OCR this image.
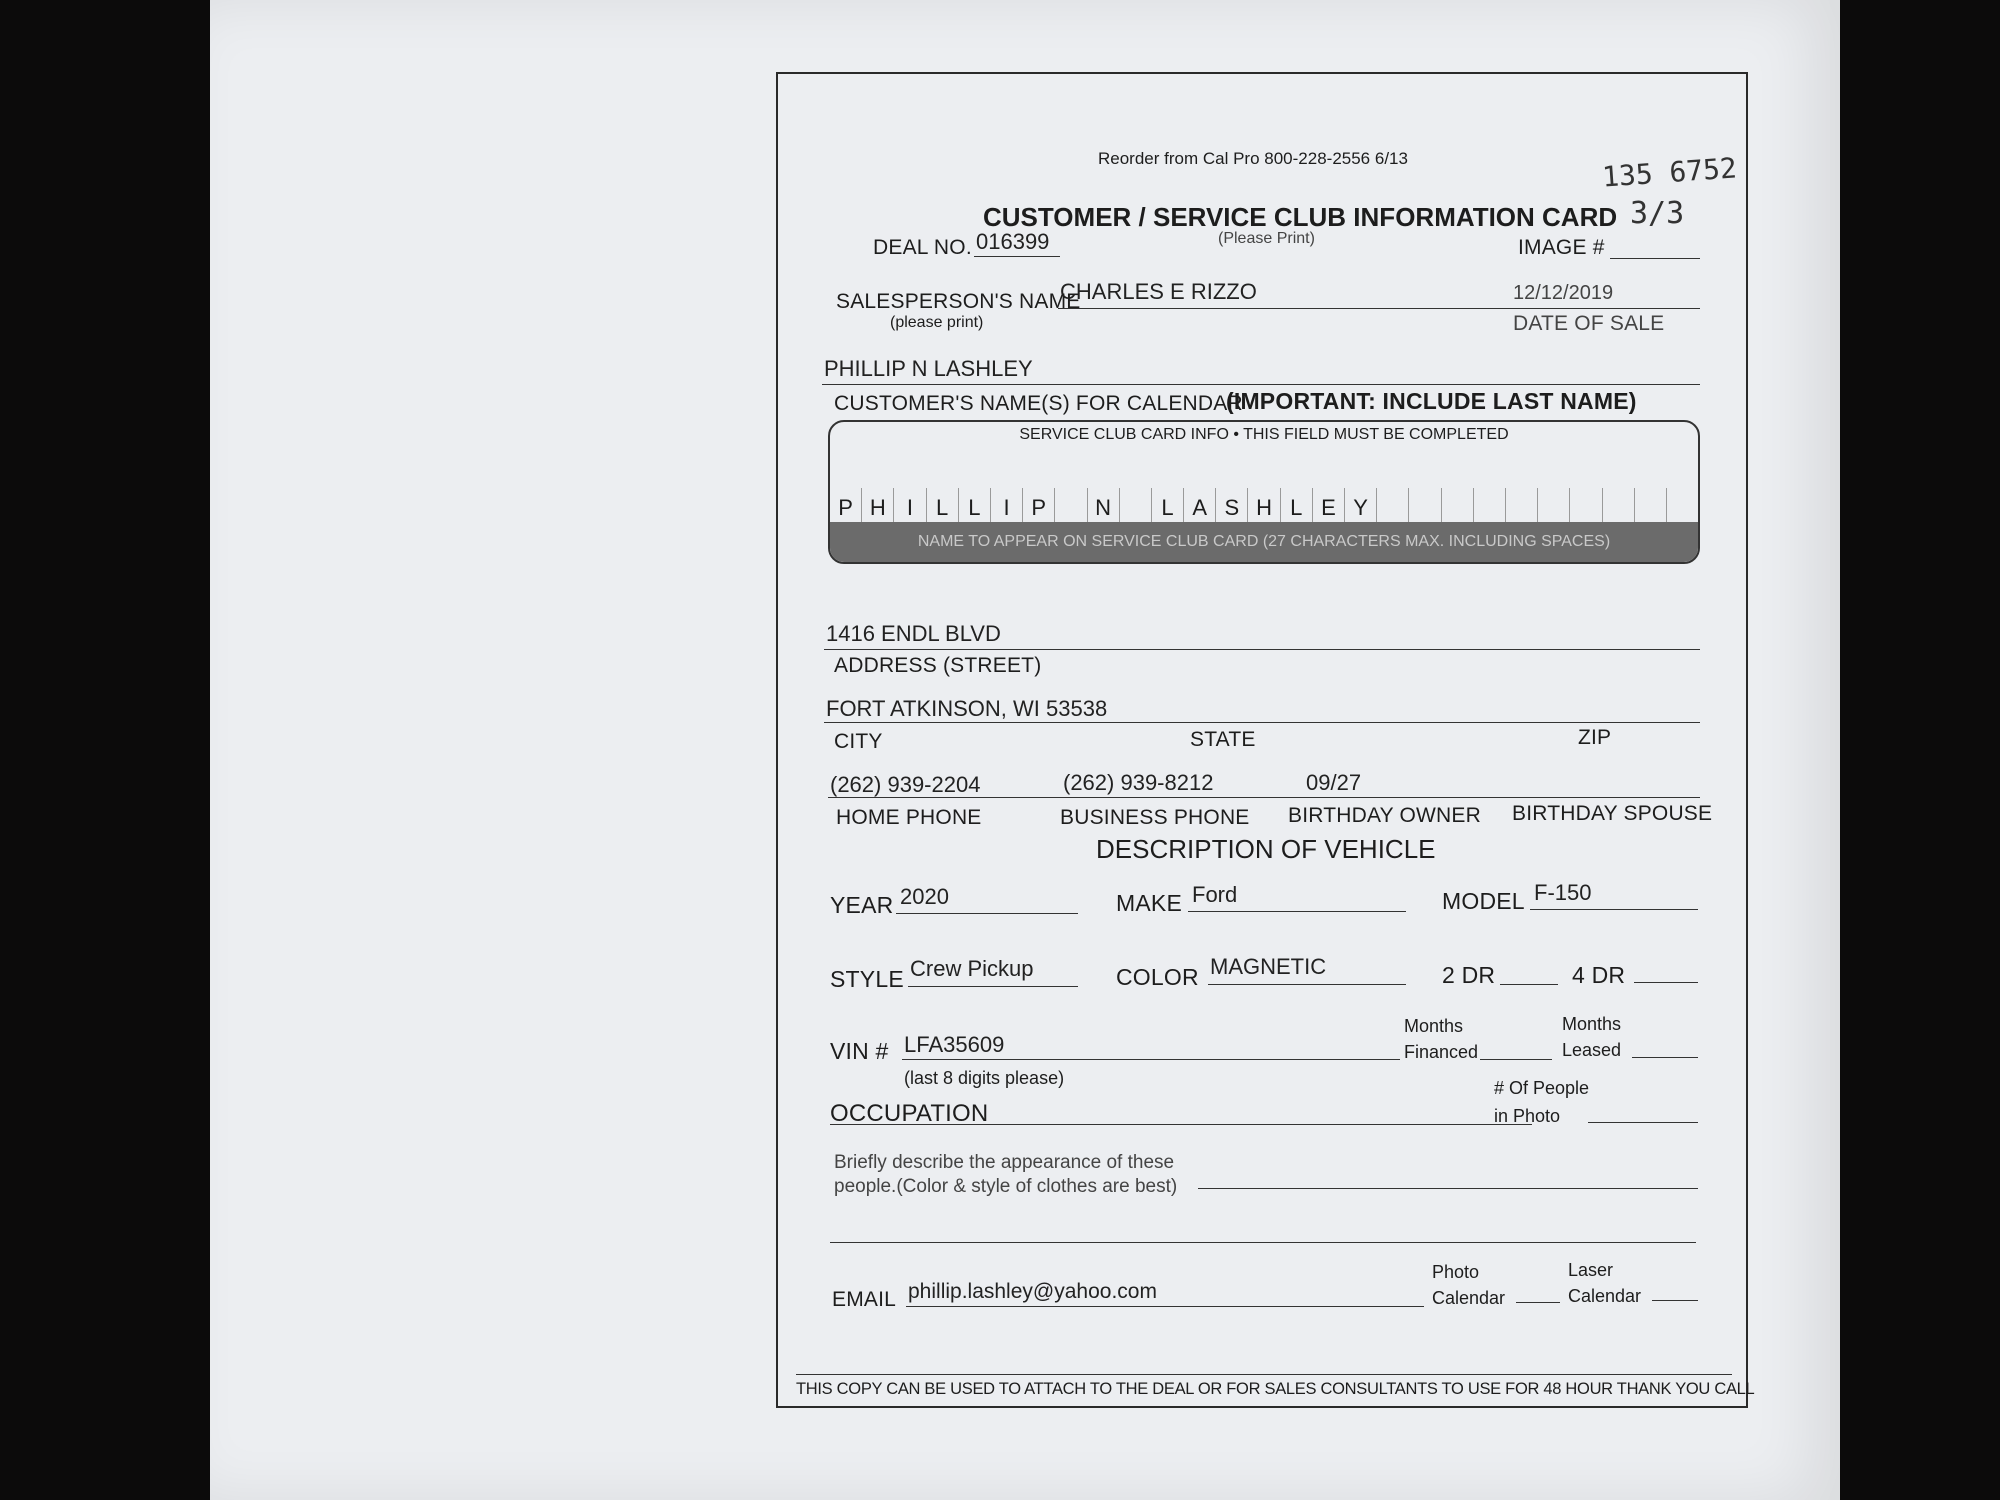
Reorder from Cal Pro 800-228-2556 6/13	135 6752
3/3
CUSTOMER / SERVICE CLUB INFORMATION CARD
DEAL NO. 016399	(Please Print)	IMAGE #
SALESPERSON'S NAME
(please print)
CHARLES E RIZZO	12/12/2019
DATE OF SALE
PHILLIP N LASHLEY
CUSTOMER'S NAME(S) FOR CALENDAR
(IMPORTANT: INCLUDE LAST NAME)
SERVICE CLUB CARD INFO • THIS FIELD MUST BE COMPLETED
P H I	L L	I P	N	L A S H L E Y
NAME TO APPEAR ON SERVICE CLUB CARD (27 CHARACTERS MAX. INCLUDING SPACES)
1416 ENDL BLVD
ADDRESS (STREET)
FORT ATKINSON, WI 53538
CITY	STATE	ZIP
(262) 939-2204	(262) 939-8212	09/27
HOME PHONE	BUSINESS PHONE BIRTHDAY OWNER BIRTHDAY SPOUSE
DESCRIPTION OF VEHICLE
YEAR 2020	MAKE Ford	MODEL F-150
STYLE Crew Pickup	COLOR MAGNETIC	2 DR	4 DR
VIN # LFA35609
(last 8 digits please)
Months
Financed
Months
Leased
OCCUPATION
# Of People
in Photo
Briefly describe the appearance of these
people.(Color & style of clothes are best)
EMAIL phillip.lashley@yahoo.com
Photo
Calendar
Laser
Calendar
THIS COPY CAN BE USED TO ATTACH TO THE DEAL OR FOR SALES CONSULTANTS TO USE FOR 48 HOUR THANK YOU CALL
